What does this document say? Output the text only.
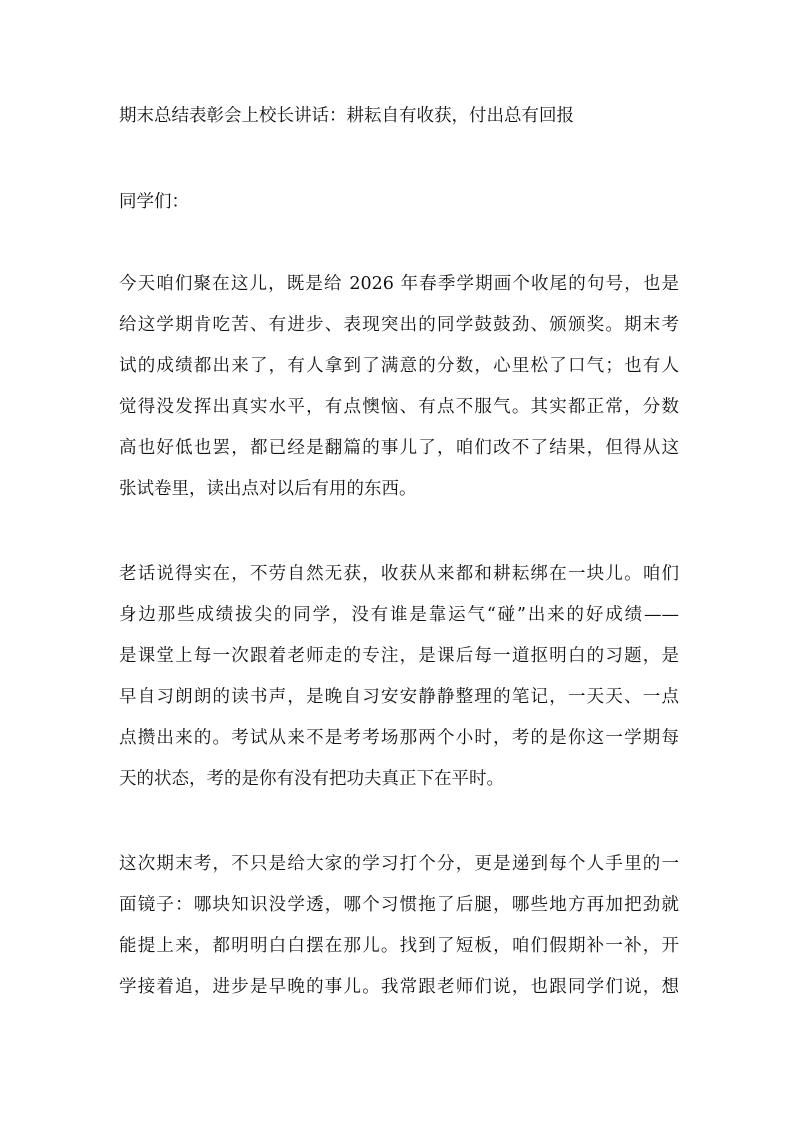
期末总结表彰会上校长讲话：耕耘自有收获，付出总有回报
同学们：
今天咱们聚在这儿，既是给 2026 年春季学期画个收尾的句号，也是
给这学期肯吃苦、有进步、表现突出的同学鼓鼓劲、颁颁奖。期末考
试的成绩都出来了，有人拿到了满意的分数，心里松了口气；也有人
觉得没发挥出真实水平，有点懊恼、有点不服气。其实都正常，分数
高也好低也罢，都已经是翻篇的事儿了，咱们改不了结果，但得从这
张试卷里，读出点对以后有用的东西。
老话说得实在，不劳自然无获，收获从来都和耕耘绑在一块儿。咱们
身边那些成绩拔尖的同学，没有谁是靠运气“碰”出来的好成绩——
是课堂上每一次跟着老师走的专注，是课后每一道抠明白的习题，是
早自习朗朗的读书声，是晚自习安安静静整理的笔记，一天天、一点
点攒出来的。考试从来不是考考场那两个小时，考的是你这一学期每
天的状态，考的是你有没有把功夫真正下在平时。
这次期末考，不只是给大家的学习打个分，更是递到每个人手里的一
面镜子：哪块知识没学透，哪个习惯拖了后腿，哪些地方再加把劲就
能提上来，都明明白白摆在那儿。找到了短板，咱们假期补一补，开
学接着追，进步是早晚的事儿。我常跟老师们说，也跟同学们说，想
